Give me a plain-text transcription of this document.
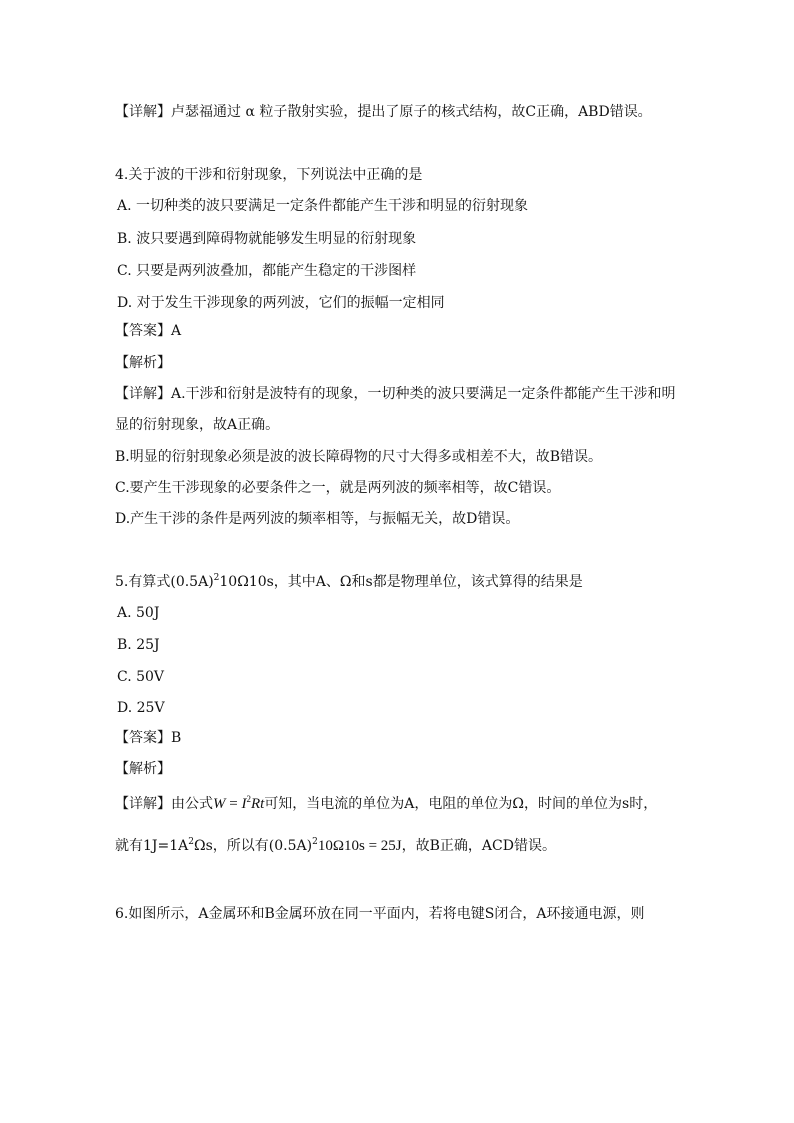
【详解】卢瑟福通过 α 粒子散射实验，提出了原子的核式结构，故C正确，ABD错误。
4.关于波的干涉和衍射现象，下列说法中正确的是
A. 一切种类的波只要满足一定条件都能产生干涉和明显的衍射现象
B. 波只要遇到障碍物就能够发生明显的衍射现象
C. 只要是两列波叠加，都能产生稳定的干涉图样
D. 对于发生干涉现象的两列波，它们的振幅一定相同
【答案】A
【解析】
【详解】A.干涉和衍射是波特有的现象，一切种类的波只要满足一定条件都能产生干涉和明
显的衍射现象，故A正确。
B.明显的衍射现象必须是波的波长障碍物的尺寸大得多或相差不大，故B错误。
C.要产生干涉现象的必要条件之一，就是两列波的频率相等，故C错误。
D.产生干涉的条件是两列波的频率相等，与振幅无关，故D错误。
5.有算式$(0.5A)^210\Omega 10s$，其中A、Ω和s都是物理单位，该式算得的结果是
A. 50J
B. 25J
C. 50V
D. 25V
【答案】B
【解析】
【详解】由公式$W = I^2Rt$可知，当电流的单位为A，电阻的单位为Ω，时间的单位为s时，
就有$1J=1A^2\Omega s$，所以有$(0.5A)^210\Omega 10s = 25J$，故B正确，ACD错误。
6.如图所示，A金属环和B金属环放在同一平面内，若将电键S闭合，A环接通电源，则
